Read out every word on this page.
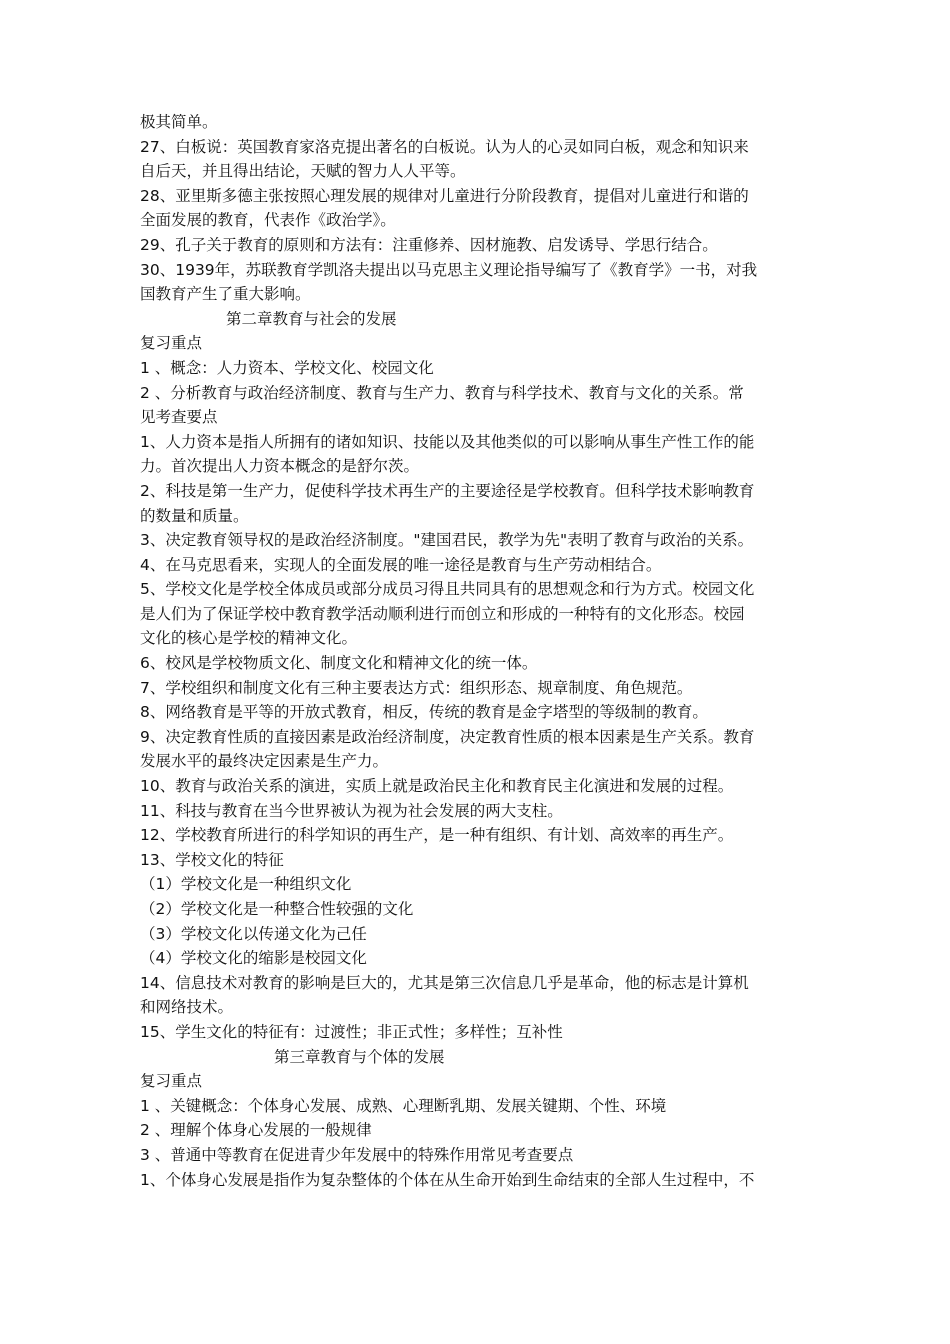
极其简单。
27、白板说：英国教育家洛克提出著名的白板说。认为人的心灵如同白板，观念和知识来
自后天，并且得出结论，天赋的智力人人平等。
28、亚里斯多德主张按照心理发展的规律对儿童进行分阶段教育，提倡对儿童进行和谐的
全面发展的教育，代表作《政治学》。
29、孔子关于教育的原则和方法有：注重修养、因材施教、启发诱导、学思行结合。
30、1939年，苏联教育学凯洛夫提出以马克思主义理论指导编写了《教育学》一书，对我
国教育产生了重大影响。
第二章教育与社会的发展
复习重点
1 、概念：人力资本、学校文化、校园文化
2 、分析教育与政治经济制度、教育与生产力、教育与科学技术、教育与文化的关系。常
见考查要点
1、人力资本是指人所拥有的诸如知识、技能以及其他类似的可以影响从事生产性工作的能
力。首次提出人力资本概念的是舒尔茨。
2、科技是第一生产力，促使科学技术再生产的主要途径是学校教育。但科学技术影响教育
的数量和质量。
3、决定教育领导权的是政治经济制度。"建国君民，教学为先"表明了教育与政治的关系。
4、在马克思看来，实现人的全面发展的唯一途径是教育与生产劳动相结合。
5、学校文化是学校全体成员或部分成员习得且共同具有的思想观念和行为方式。校园文化
是人们为了保证学校中教育教学活动顺利进行而创立和形成的一种特有的文化形态。校园
文化的核心是学校的精神文化。
6、校风是学校物质文化、制度文化和精神文化的统一体。
7、学校组织和制度文化有三种主要表达方式：组织形态、规章制度、角色规范。
8、网络教育是平等的开放式教育，相反，传统的教育是金字塔型的等级制的教育。
9、决定教育性质的直接因素是政治经济制度，决定教育性质的根本因素是生产关系。教育
发展水平的最终决定因素是生产力。
10、教育与政治关系的演进，实质上就是政治民主化和教育民主化演进和发展的过程。
11、科技与教育在当今世界被认为视为社会发展的两大支柱。
12、学校教育所进行的科学知识的再生产，是一种有组织、有计划、高效率的再生产。
13、学校文化的特征
（1）学校文化是一种组织文化
（2）学校文化是一种整合性较强的文化
（3）学校文化以传递文化为己任
（4）学校文化的缩影是校园文化
14、信息技术对教育的影响是巨大的，尤其是第三次信息几乎是革命，他的标志是计算机
和网络技术。
15、学生文化的特征有：过渡性；非正式性；多样性；互补性
第三章教育与个体的发展
复习重点
1 、关键概念：个体身心发展、成熟、心理断乳期、发展关键期、个性、环境
2 、理解个体身心发展的一般规律
3 、普通中等教育在促进青少年发展中的特殊作用常见考查要点
1、个体身心发展是指作为复杂整体的个体在从生命开始到生命结束的全部人生过程中，不
